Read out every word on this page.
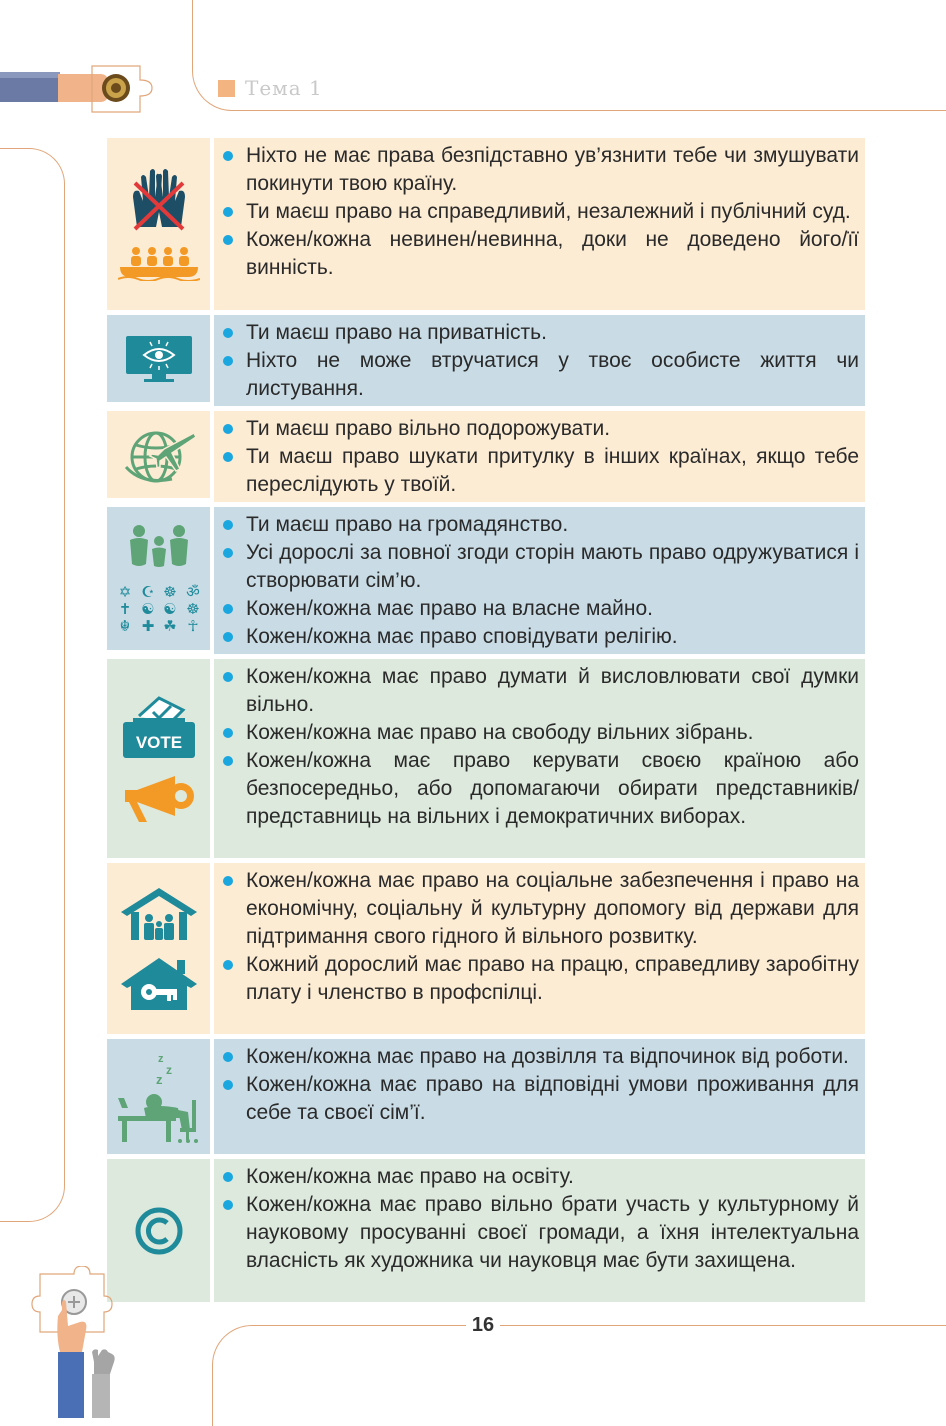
Тема 1
Ніхто не має права безпідставно ув’язнити тебе чи змушувати покинути твою країну.
Ти маєш право на справедливий, незалежний і публічний суд.
Кожен/кожна невинен/невинна, доки не доведено його/її винність.
Ти маєш право на приватність.
Ніхто не може втручатися у твоє особисте життя чи листування.
Ти маєш право вільно подорожувати.
Ти маєш право шукати притулку в інших країнах, якщо тебе переслідують у твоїй.
✡ ☪ ☸ ॐ
✝ ☯ ☯ ☸
☬ ✚ ☘ ☥
Ти маєш право на громадянство.
Усі дорослі за повної згоди сторін мають право одружуватися і створювати сім’ю.
Кожен/кожна має право на власне майно.
Кожен/кожна має право сповідувати релігію.
VOTE
Кожен/кожна має право думати й висловлювати свої думки вільно.
Кожен/кожна має право на свободу вільних зібрань.
Кожен/кожна має право керувати своєю країною або безпосередньо, або допомагаючи обирати представників/представниць на вільних і демократичних виборах.
Кожен/кожна має право на соціальне забезпечення і право на економічну, соціальну й культурну допомогу від держави для підтримання свого гідного й вільного розвитку.
Кожний дорослий має право на працю, справедливу заробітну плату і членство в профспілці.
z
z
z
Кожен/кожна має право на дозвілля та відпочинок від роботи.
Кожен/кожна має право на відповідні умови проживання для себе та своєї сім’ї.
Кожен/кожна має право на освіту.
Кожен/кожна має право вільно брати участь у культурному й науковому просуванні своєї громади, а їхня інтелектуальна власність як художника чи науковця має бути захищена.
16
